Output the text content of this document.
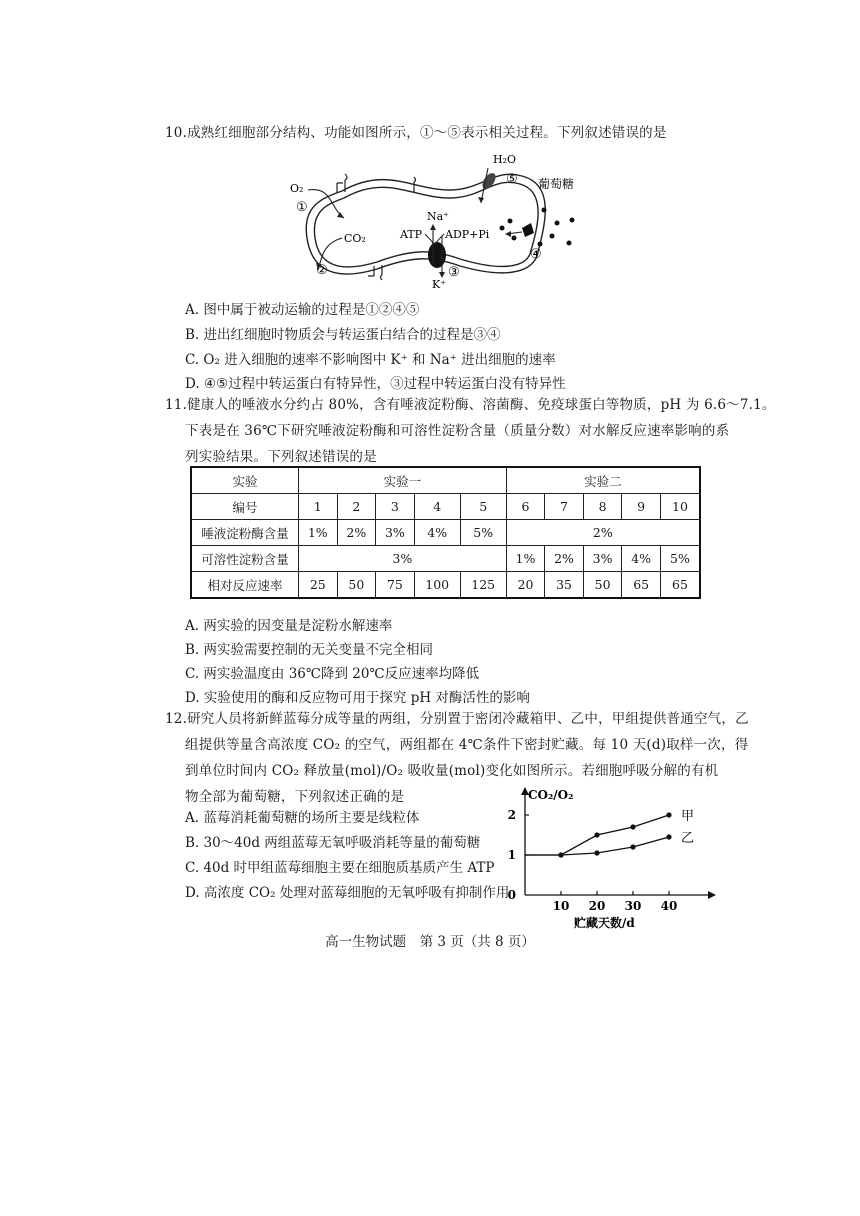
10.成熟红细胞部分结构、功能如图所示，①～⑤表示相关过程。下列叙述错误的是
H₂O
⑤
O₂
①
CO₂
②
Na⁺
K⁺
③
ATP ADP+Pi
葡萄糖
④
A. 图中属于被动运输的过程是①②④⑤
B. 进出红细胞时物质会与转运蛋白结合的过程是③④
C. O₂ 进入细胞的速率不影响图中 K⁺ 和 Na⁺ 进出细胞的速率
D. ④⑤过程中转运蛋白有特异性，③过程中转运蛋白没有特异性
11.健康人的唾液水分约占 80%，含有唾液淀粉酶、溶菌酶、免疫球蛋白等物质，pH 为 6.6～7.1。
下表是在 36℃下研究唾液淀粉酶和可溶性淀粉含量（质量分数）对水解反应速率影响的系
列实验结果。下列叙述错误的是
实验	实验一					实验二				
编号	1	2	3	4	5	6	7	8	9	10
唾液淀粉酶含量	1%	2%	3%	4%	5%	2%				
可溶性淀粉含量	3%					1%	2%	3%	4%	5%
相对反应速率	25	50	75	100	125	20	35	50	65	65
A. 两实验的因变量是淀粉水解速率
B. 两实验需要控制的无关变量不完全相同
C. 两实验温度由 36℃降到 20℃反应速率均降低
D. 实验使用的酶和反应物可用于探究 pH 对酶活性的影响
12.研究人员将新鲜蓝莓分成等量的两组，分别置于密闭冷藏箱甲、乙中，甲组提供普通空气，乙
组提供等量含高浓度 CO₂ 的空气，两组都在 4℃条件下密封贮藏。每 10 天(d)取样一次，得
到单位时间内 CO₂ 释放量(mol)/O₂ 吸收量(mol)变化如图所示。若细胞呼吸分解的有机
物全部为葡萄糖，下列叙述正确的是
A. 蓝莓消耗葡萄糖的场所主要是线粒体
B. 30～40d 两组蓝莓无氧呼吸消耗等量的葡萄糖
C. 40d 时甲组蓝莓细胞主要在细胞质基质产生 ATP
D. 高浓度 CO₂ 处理对蓝莓细胞的无氧呼吸有抑制作用
CO₂/O₂
贮藏天数/d
10 20 30 40
0
1
2	甲
乙
高一生物试题　第 3 页（共 8 页）
